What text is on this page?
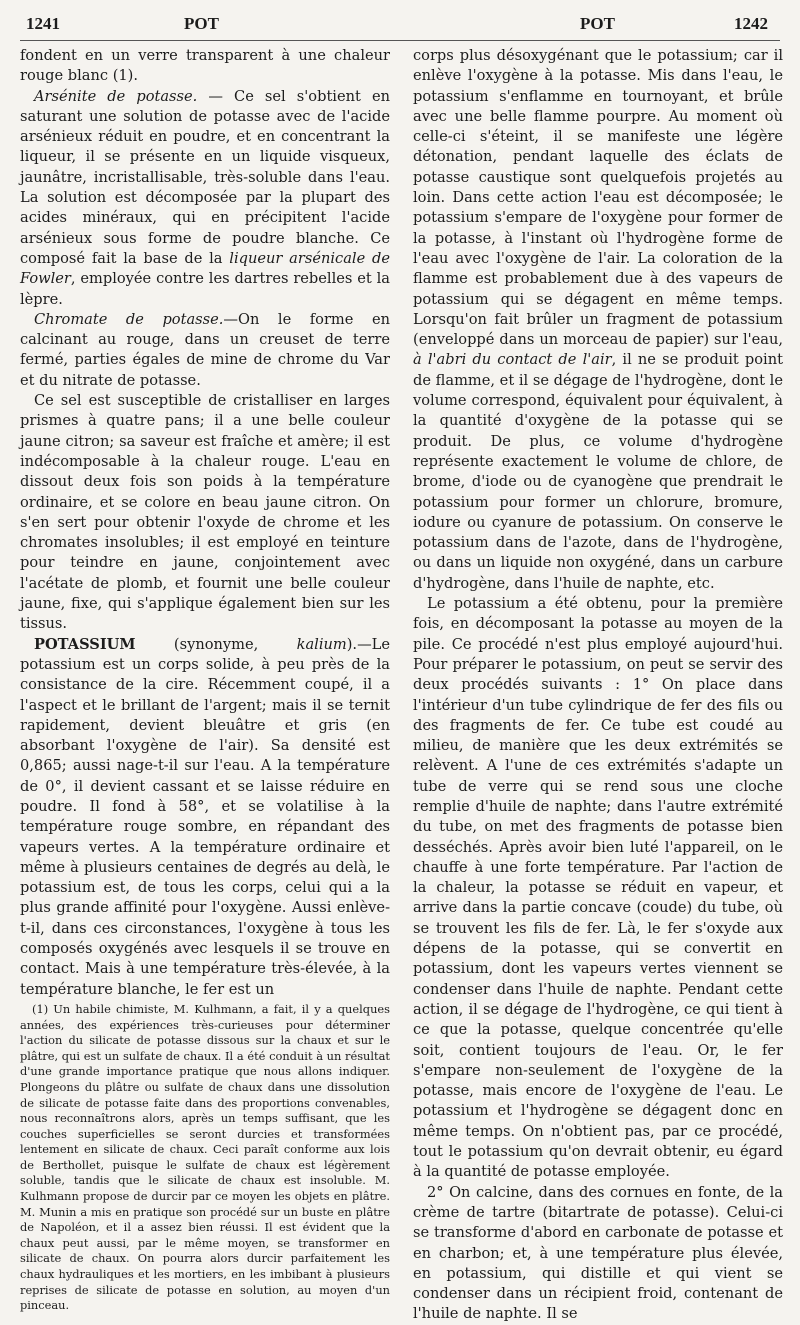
1241	POT	POT	1242

fondent en un verre transparent à une chaleur rouge blanc (1).

Arsénite de potasse. — Ce sel s'obtient en saturant une solution de potasse avec de l'acide arsénieux réduit en poudre, et en concentrant la liqueur, il se présente en un liquide visqueux, jaunâtre, incristallisable, très-soluble dans l'eau. La solution est décomposée par la plupart des acides minéraux, qui en précipitent l'acide arsénieux sous forme de poudre blanche. Ce composé fait la base de la liqueur arsénicale de Fowler, employée contre les dartres rebelles et la lèpre.

Chromate de potasse.—On le forme en calcinant au rouge, dans un creuset de terre fermé, parties égales de mine de chrome du Var et du nitrate de potasse.

Ce sel est susceptible de cristalliser en larges prismes à quatre pans; il a une belle couleur jaune citron; sa saveur est fraîche et amère; il est indécomposable à la chaleur rouge. L'eau en dissout deux fois son poids à la température ordinaire, et se colore en beau jaune citron. On s'en sert pour obtenir l'oxyde de chrome et les chromates insolubles; il est employé en teinture pour teindre en jaune, conjointement avec l'acétate de plomb, et fournit une belle couleur jaune, fixe, qui s'applique également bien sur les tissus.

POTASSIUM (synonyme, kalium).—Le potassium est un corps solide, à peu près de la consistance de la cire. Récemment coupé, il a l'aspect et le brillant de l'argent; mais il se ternit rapidement, devient bleuâtre et gris (en absorbant l'oxygène de l'air). Sa densité est 0,865; aussi nage-t-il sur l'eau. A la température de 0°, il devient cassant et se laisse réduire en poudre. Il fond à 58°, et se volatilise à la température rouge sombre, en répandant des vapeurs vertes. A la température ordinaire et même à plusieurs centaines de degrés au delà, le potassium est, de tous les corps, celui qui a la plus grande affinité pour l'oxygène. Aussi enlève-t-il, dans ces circonstances, l'oxygène à tous les composés oxygénés avec lesquels il se trouve en contact. Mais à une température très-élevée, à la température blanche, le fer est un

(1) Un habile chimiste, M. Kulhmann, a fait, il y a quelques années, des expériences très-curieuses pour déterminer l'action du silicate de potasse dissous sur la chaux et sur le plâtre, qui est un sulfate de chaux. Il a été conduit à un résultat d'une grande importance pratique que nous allons indiquer. Plongeons du plâtre ou sulfate de chaux dans une dissolution de silicate de potasse faite dans des proportions convenables, nous reconnaîtrons alors, après un temps suffisant, que les couches superficielles se seront durcies et transformées lentement en silicate de chaux. Ceci paraît conforme aux lois de Berthollet, puisque le sulfate de chaux est légèrement soluble, tandis que le silicate de chaux est insoluble. M. Kulhmann propose de durcir par ce moyen les objets en plâtre. M. Munin a mis en pratique son procédé sur un buste en plâtre de Napoléon, et il a assez bien réussi. Il est évident que la chaux peut aussi, par le même moyen, se transformer en silicate de chaux. On pourra alors durcir parfaitement les chaux hydrauliques et les mortiers, en les imbibant à plusieurs reprises de silicate de potasse en solution, au moyen d'un pinceau.

corps plus désoxygénant que le potassium; car il enlève l'oxygène à la potasse. Mis dans l'eau, le potassium s'enflamme en tournoyant, et brûle avec une belle flamme pourpre. Au moment où celle-ci s'éteint, il se manifeste une légère détonation, pendant laquelle des éclats de potasse caustique sont quelquefois projetés au loin. Dans cette action l'eau est décomposée; le potassium s'empare de l'oxygène pour former de la potasse, à l'instant où l'hydrogène forme de l'eau avec l'oxygène de l'air. La coloration de la flamme est probablement due à des vapeurs de potassium qui se dégagent en même temps. Lorsqu'on fait brûler un fragment de potassium (enveloppé dans un morceau de papier) sur l'eau, à l'abri du contact de l'air, il ne se produit point de flamme, et il se dégage de l'hydrogène, dont le volume correspond, équivalent pour équivalent, à la quantité d'oxygène de la potasse qui se produit. De plus, ce volume d'hydrogène représente exactement le volume de chlore, de brome, d'iode ou de cyanogène que prendrait le potassium pour former un chlorure, bromure, iodure ou cyanure de potassium. On conserve le potassium dans de l'azote, dans de l'hydrogène, ou dans un liquide non oxygéné, dans un carbure d'hydrogène, dans l'huile de naphte, etc.

Le potassium a été obtenu, pour la première fois, en décomposant la potasse au moyen de la pile. Ce procédé n'est plus employé aujourd'hui. Pour préparer le potassium, on peut se servir des deux procédés suivants : 1° On place dans l'intérieur d'un tube cylindrique de fer des fils ou des fragments de fer. Ce tube est coudé au milieu, de manière que les deux extrémités se relèvent. A l'une de ces extrémités s'adapte un tube de verre qui se rend sous une cloche remplie d'huile de naphte; dans l'autre extrémité du tube, on met des fragments de potasse bien desséchés. Après avoir bien luté l'appareil, on le chauffe à une forte température. Par l'action de la chaleur, la potasse se réduit en vapeur, et arrive dans la partie concave (coude) du tube, où se trouvent les fils de fer. Là, le fer s'oxyde aux dépens de la potasse, qui se convertit en potassium, dont les vapeurs vertes viennent se condenser dans l'huile de naphte. Pendant cette action, il se dégage de l'hydrogène, ce qui tient à ce que la potasse, quelque concentrée qu'elle soit, contient toujours de l'eau. Or, le fer s'empare non-seulement de l'oxygène de la potasse, mais encore de l'oxygène de l'eau. Le potassium et l'hydrogène se dégagent donc en même temps. On n'obtient pas, par ce procédé, tout le potassium qu'on devrait obtenir, eu égard à la quantité de potasse employée.

2° On calcine, dans des cornues en fonte, de la crème de tartre (bitartrate de potasse). Celui-ci se transforme d'abord en carbonate de potasse et en charbon; et, à une température plus élevée, en potassium, qui distille et qui vient se condenser dans un récipient froid, contenant de l'huile de naphte. Il se
